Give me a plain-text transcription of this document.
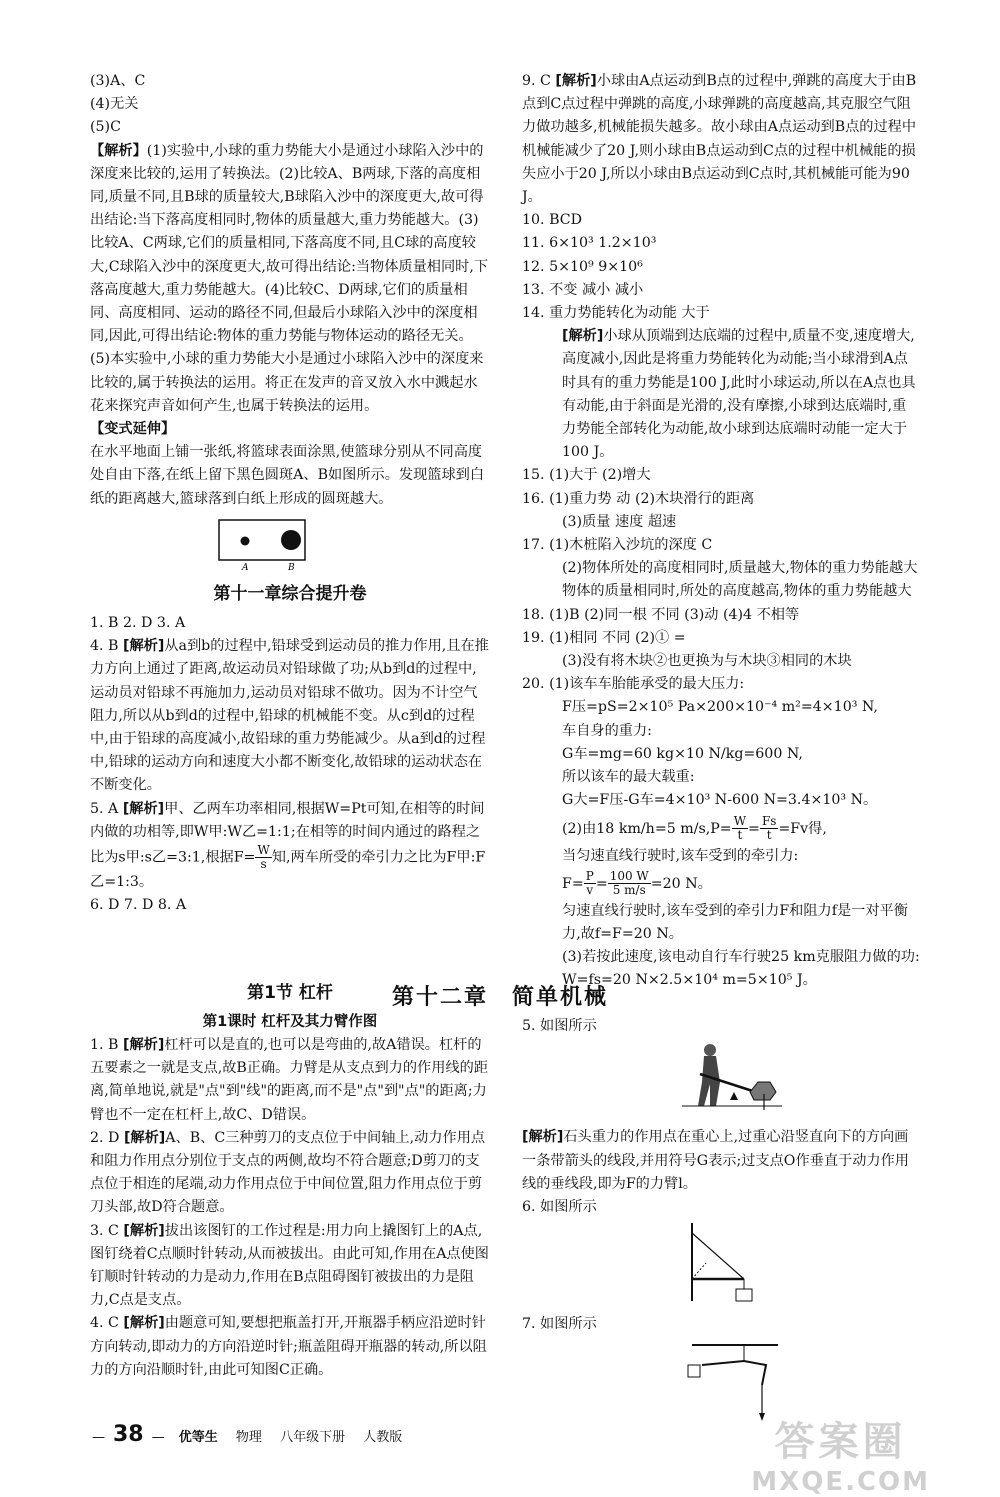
(3)A、C

(4)无关

(5)C

【解析】(1)实验中,小球的重力势能大小是通过小球陷入沙中的深度来比较的,运用了转换法。(2)比较A、B两球,下落的高度相同,质量不同,且B球的质量较大,B球陷入沙中的深度更大,故可得出结论:当下落高度相同时,物体的质量越大,重力势能越大。(3)比较A、C两球,它们的质量相同,下落高度不同,且C球的高度较大,C球陷入沙中的深度更大,故可得出结论:当物体质量相同时,下落高度越大,重力势能越大。(4)比较C、D两球,它们的质量相同、高度相同、运动的路径不同,但最后小球陷入沙中的深度相同,因此,可得出结论:物体的重力势能与物体运动的路径无关。(5)本实验中,小球的重力势能大小是通过小球陷入沙中的深度来比较的,属于转换法的运用。将正在发声的音叉放入水中溅起水花来探究声音如何产生,也属于转换法的运用。

【变式延伸】

在水平地面上铺一张纸,将篮球表面涂黑,使篮球分别从不同高度处自由下落,在纸上留下黑色圆斑A、B如图所示。发现篮球到白纸的距离越大,篮球落到白纸上形成的圆斑越大。

A	B

第十一章综合提升卷

1. B 2. D 3. A

4. B [解析]从a到b的过程中,铅球受到运动员的推力作用,且在推力方向上通过了距离,故运动员对铅球做了功;从b到d的过程中,运动员对铅球不再施加力,运动员对铅球不做功。因为不计空气阻力,所以从b到d的过程中,铅球的机械能不变。从c到d的过程中,由于铅球的高度减小,故铅球的重力势能减少。从a到d的过程中,铅球的运动方向和速度大小都不断变化,故铅球的运动状态在不断变化。

5. A [解析]甲、乙两车功率相同,根据W=Pt可知,在相等的时间内做的功相等,即W甲:W乙=1:1;在相等的时间内通过的路程之比为s甲:s乙=3:1,根据$F= \frac{W}{s}$ 知,两车所受的牵引力之比为F甲:F乙=1:3。

6. D 7. D 8. A

第1节 杠杆

第1课时 杠杆及其力臂作图

1. B [解析]杠杆可以是直的,也可以是弯曲的,故A错误。杠杆的五要素之一就是支点,故B正确。力臂是从支点到力的作用线的距离,简单地说,就是"点"到"线"的距离,而不是"点"到"点"的距离;力臂也不一定在杠杆上,故C、D错误。

2. D [解析]A、B、C三种剪刀的支点位于中间轴上,动力作用点和阻力作用点分别位于支点的两侧,故均不符合题意;D剪刀的支点位于相连的尾端,动力作用点位于中间位置,阻力作用点位于剪刀头部,故D符合题意。

3. C [解析]拔出该图钉的工作过程是:用力向上撬图钉上的A点,图钉绕着C点顺时针转动,从而被拔出。由此可知,作用在A点使图钉顺时针转动的力是动力,作用在B点阻碍图钉被拔出的力是阻力,C点是支点。

4. C [解析]由题意可知,要想把瓶盖打开,开瓶器手柄应沿逆时针方向转动,即动力的方向沿逆时针;瓶盖阻碍开瓶器的转动,所以阻力的方向沿顺时针,由此可知图C正确。

9. C [解析]小球由A点运动到B点的过程中,弹跳的高度大于由B点到C点过程中弹跳的高度,小球弹跳的高度越高,其克服空气阻力做功越多,机械能损失越多。故小球由A点运动到B点的过程中机械能减少了20 J,则小球由B点运动到C点的过程中机械能的损失应小于20 J,所以小球由B点运动到C点时,其机械能可能为90 J。

10. BCD

11. 6×10³ 1.2×10³

12. 5×10⁹ 9×10⁶

13. 不变 减小 减小

14. 重力势能转化为动能 大于

[解析]小球从顶端到达底端的过程中,质量不变,速度增大,高度减小,因此是将重力势能转化为动能;当小球滑到A点时具有的重力势能是100 J,此时小球运动,所以在A点也具有动能,由于斜面是光滑的,没有摩擦,小球到达底端时,重力势能全部转化为动能,故小球到达底端时动能一定大于100 J。

15. (1)大于 (2)增大

16. (1)重力势 动 (2)木块滑行的距离

(3)质量 速度 超速

17. (1)木桩陷入沙坑的深度 C

(2)物体所处的高度相同时,质量越大,物体的重力势能越大 物体的质量相同时,所处的高度越高,物体的重力势能越大

18. (1)B (2)同一根 不同 (3)动 (4)4 不相等

19. (1)相同 不同 (2)① =

(3)没有将木块②也更换为与木块③相同的木块

20. (1)该车车胎能承受的最大压力:

F压=pS=2×10⁵ Pa×200×10⁻⁴ m²=4×10³ N,

车自身的重力:

G车=mg=60 kg×10 N/kg=600 N,

所以该车的最大载重:

G大=F压-G车=4×10³ N-600 N=3.4×10³ N。

(2)由18 km/h=5 $m/s,P= \frac{W}{t} = \frac{Fs}{t} =Fv$得,

当匀速直线行驶时,该车受到的牵引力:

$F= \frac{P}{v} = \frac{100 W}{5 m/s} =20$ N。

匀速直线行驶时,该车受到的牵引力F和阻力f是一对平衡力,故f=F=20 N。

(3)若按此速度,该电动自行车行驶25 km克服阻力做的功:

W=fs=20 N×2.5×10⁴ m=5×10⁵ J。

第十二章 简单机械

5. 如图所示

[解析]石头重力的作用点在重心上,过重心沿竖直向下的方向画一条带箭头的线段,并用符号G表示;过支点O作垂直于动力作用线的垂线段,即为F的力臂l。

6. 如图所示

7. 如图所示

— 38 — 优等生 物理 八年级下册 人教版	答案圈
MXQE.COM
